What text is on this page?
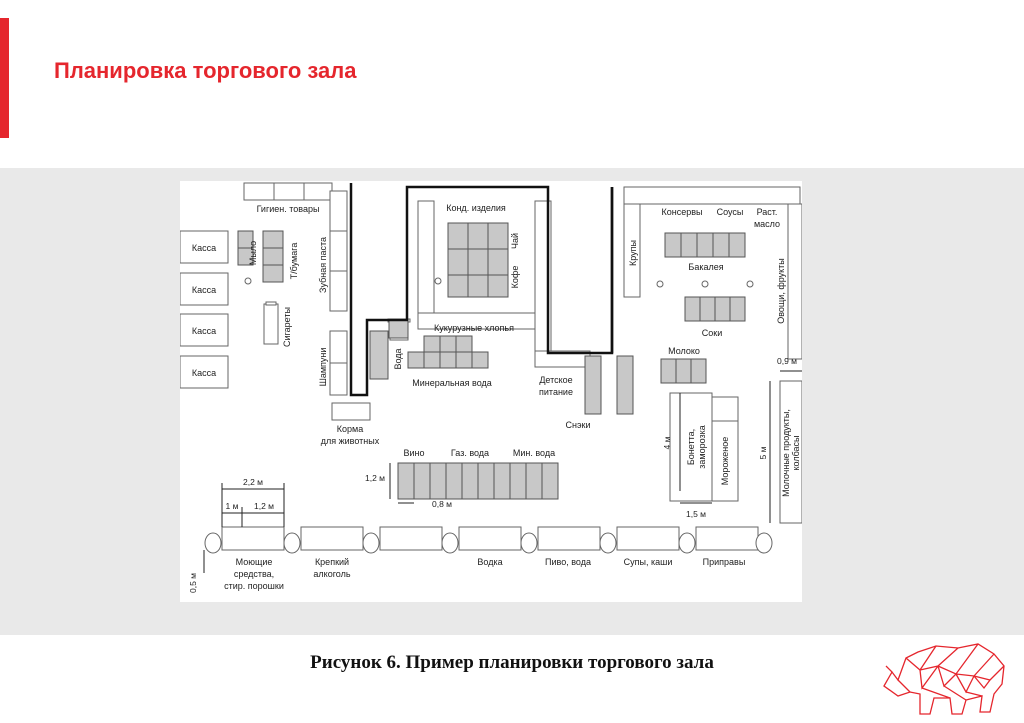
Планировка торгового зала
Касса
Касса
Касса
Касса
Гигиен. товары
Мыло	Т/бумага Зубная паста
Сигареты
Шампуни
Корма
для животных
Вода
Конд. изделия
Чай
Кофе
Кукурузные хлопья
Минеральная вода	Детское
питание
Снэки
Крупы
Консервы Соусы Раст.
масло
Бакалея
Соки
Овощи, фрукты
Молоко
Бонетта, заморозка Мороженое	Молочные продукты, колбасы
Вино	Газ. вода	Мин. вода
Моющие
средства,
стир. порошки
Крепкий
алкоголь
Водка	Пиво, вода	Супы, каши	Приправы
2,2 м
1 м 1,2 м
1,2 м
0,8 м
0,5 м
4 м
1,5 м
5 м
0,9 м
Рисунок 6. Пример планировки торгового зала
